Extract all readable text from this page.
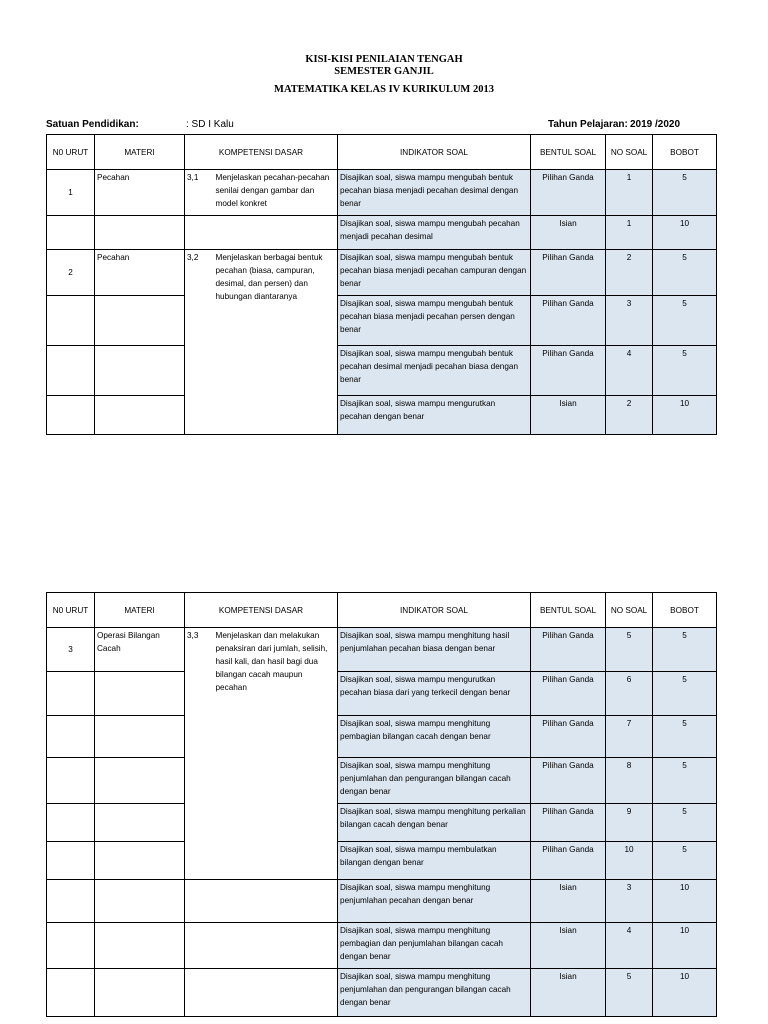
KISI-KISI PENILAIAN TENGAH
SEMESTER GANJIL
MATEMATIKA KELAS IV KURIKULUM 2013
Satuan Pendidikan:	: SD I Kalu	Tahun Pelajaran: 2019 /2020
N0 URUT	MATERI	KOMPETENSI DASAR		INDIKATOR SOAL	BENTUL SOAL	NO SOAL	BOBOT
1	Pecahan	3,1	Menjelaskan pecahan-pecahan senilai dengan gambar dan model konkret	Disajikan soal, siswa mampu mengubah bentuk pecahan biasa menjadi pecahan desimal dengan benar	Pilihan Ganda	1	5
				Disajikan soal, siswa mampu mengubah pecahan menjadi pecahan desimal	Isian	1	10
2	Pecahan	3,2	Menjelaskan berbagai bentuk pecahan (biasa, campuran, desimal, dan persen) dan hubungan diantaranya	Disajikan soal, siswa mampu mengubah bentuk pecahan biasa menjadi pecahan campuran dengan benar	Pilihan Ganda	2	5
				Disajikan soal, siswa mampu mengubah bentuk pecahan biasa menjadi pecahan persen dengan benar	Pilihan Ganda	3	5
				Disajikan soal, siswa mampu mengubah bentuk pecahan desimal menjadi pecahan biasa dengan benar	Pilihan Ganda	4	5
				Disajikan soal, siswa mampu mengurutkan pecahan dengan benar	Isian	2	10
N0 URUT	MATERI	KOMPETENSI DASAR		INDIKATOR SOAL	BENTUL SOAL	NO SOAL	BOBOT
3	Operasi Bilangan Cacah	3,3	Menjelaskan dan melakukan penaksiran dari jumlah, selisih, hasil kali, dan hasil bagi dua bilangan cacah maupun pecahan	Disajikan soal, siswa mampu menghitung hasil penjumlahan pecahan biasa dengan benar	Pilihan Ganda	5	5
				Disajikan soal, siswa mampu mengurutkan pecahan biasa dari yang terkecil dengan benar	Pilihan Ganda	6	5
				Disajikan soal, siswa mampu menghitung pembagian bilangan cacah dengan benar	Pilihan Ganda	7	5
				Disajikan soal, siswa mampu menghitung penjumlahan dan pengurangan bilangan cacah dengan benar	Pilihan Ganda	8	5
				Disajikan soal, siswa mampu menghitung perkalian bilangan cacah dengan benar	Pilihan Ganda	9	5
				Disajikan soal, siswa mampu membulatkan bilangan dengan benar	Pilihan Ganda	10	5
				Disajikan soal, siswa mampu menghitung penjumlahan pecahan dengan benar	Isian	3	10
				Disajikan soal, siswa mampu menghitung pembagian dan penjumlahan bilangan cacah dengan benar	Isian	4	10
				Disajikan soal, siswa mampu menghitung penjumlahan dan pengurangan bilangan cacah dengan benar	Isian	5	10
